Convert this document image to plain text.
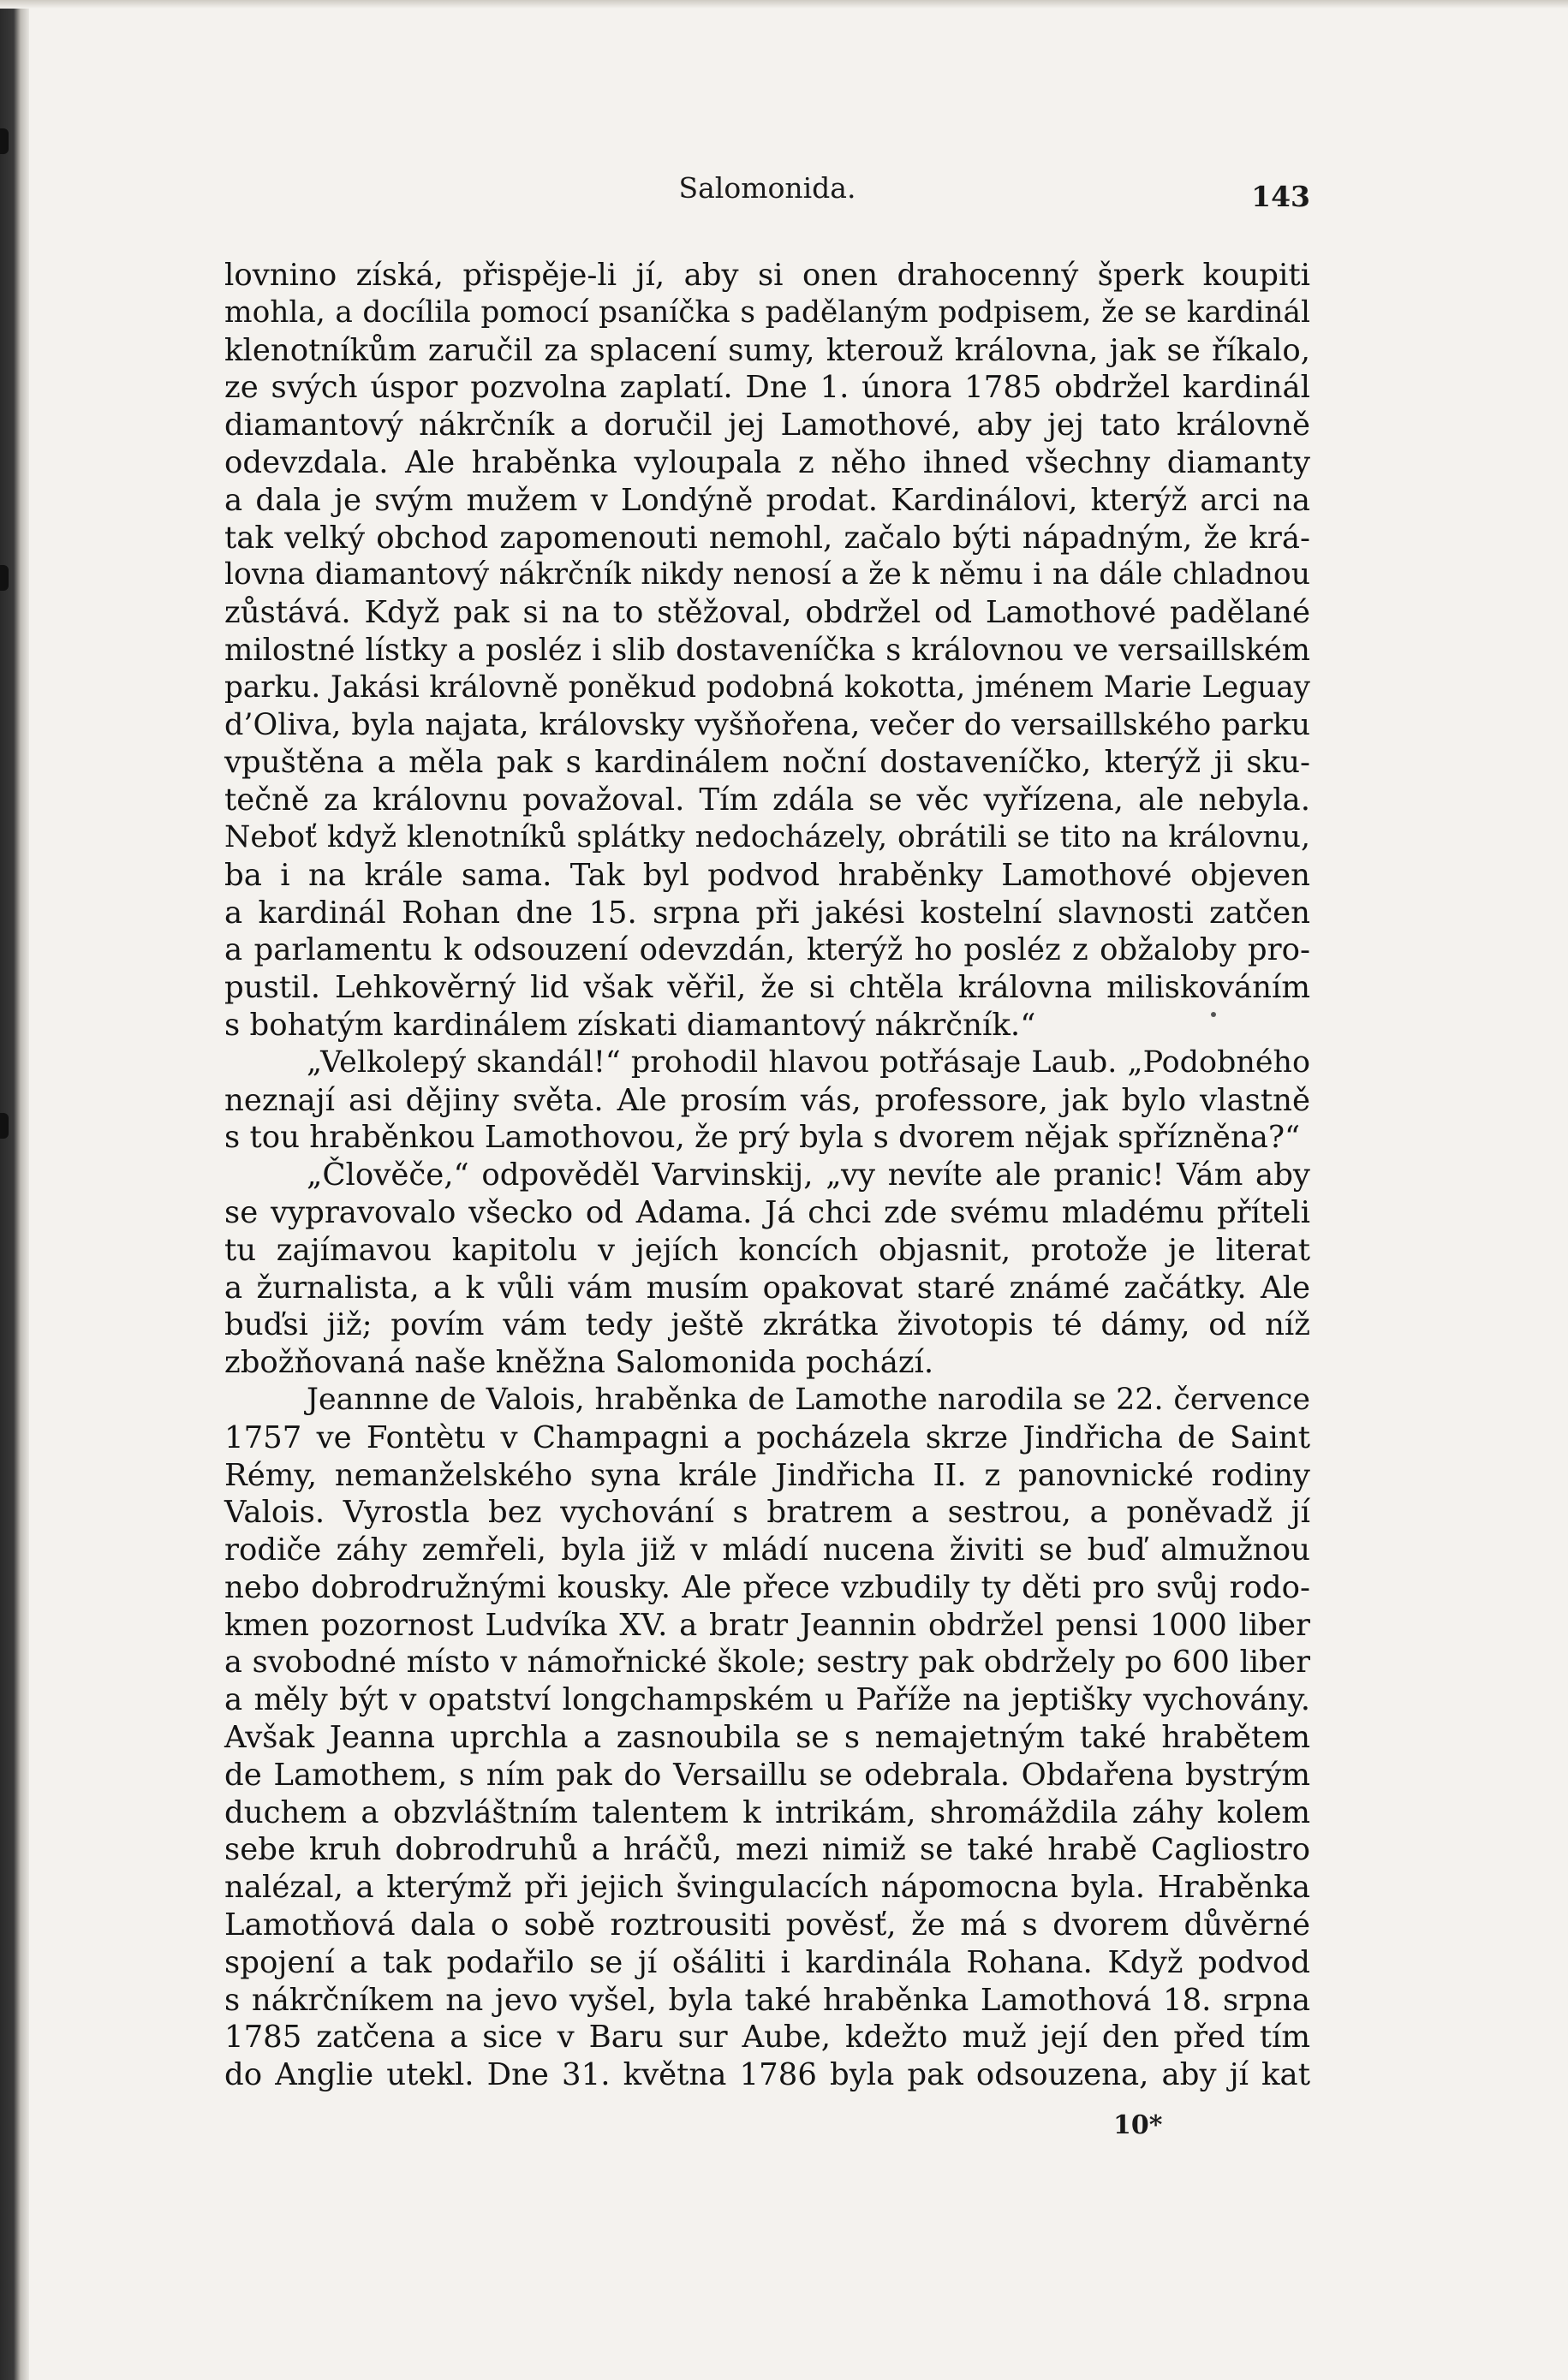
Salomonida.	143
lovnino získá, přispěje-li jí, aby si onen drahocenný šperk koupiti
mohla, a docílila pomocí psaníčka s padělaným podpisem, že se kardinál
klenotníkům zaručil za splacení sumy, kterouž královna, jak se říkalo,
ze svých úspor pozvolna zaplatí. Dne 1. února 1785 obdržel kardinál
diamantový nákrčník a doručil jej Lamothové, aby jej tato královně
odevzdala. Ale hraběnka vyloupala z něho ihned všechny diamanty
a dala je svým mužem v Londýně prodat. Kardinálovi, kterýž arci na
tak velký obchod zapomenouti nemohl, začalo býti nápadným, že krá-
lovna diamantový nákrčník nikdy nenosí a že k němu i na dále chladnou
zůstává. Když pak si na to stěžoval, obdržel od Lamothové padělané
milostné lístky a posléz i slib dostaveníčka s královnou ve versaillském
parku. Jakási královně poněkud podobná kokotta, jménem Marie Leguay
d’Oliva, byla najata, královsky vyšňořena, večer do versaillského parku
vpuštěna a měla pak s kardinálem noční dostaveníčko, kterýž ji sku-
tečně za královnu považoval. Tím zdála se věc vyřízena, ale nebyla.
Neboť když klenotníků splátky nedocházely, obrátili se tito na královnu,
ba i na krále sama. Tak byl podvod hraběnky Lamothové objeven
a kardinál Rohan dne 15. srpna při jakési kostelní slavnosti zatčen
a parlamentu k odsouzení odevzdán, kterýž ho posléz z obžaloby pro-
pustil. Lehkověrný lid však věřil, že si chtěla královna miliskováním
s bohatým kardinálem získati diamantový nákrčník.“
„Velkolepý skandál!“ prohodil hlavou potřásaje Laub. „Podobného
neznají asi dějiny světa. Ale prosím vás, professore, jak bylo vlastně
s tou hraběnkou Lamothovou, že prý byla s dvorem nějak spřízněna?“
„Člověče,“ odpověděl Varvinskij, „vy nevíte ale pranic! Vám aby
se vypravovalo všecko od Adama. Já chci zde svému mladému příteli
tu zajímavou kapitolu v jejích koncích objasnit, protože je literat
a žurnalista, a k vůli vám musím opakovat staré známé začátky. Ale
buďsi již; povím vám tedy ještě zkrátka životopis té dámy, od níž
zbožňovaná naše kněžna Salomonida pochází.
Jeannne de Valois, hraběnka de Lamothe narodila se 22. července
1757 ve Fontètu v Champagni a pocházela skrze Jindřicha de Saint
Rémy, nemanželského syna krále Jindřicha II. z panovnické rodiny
Valois. Vyrostla bez vychování s bratrem a sestrou, a poněvadž jí
rodiče záhy zemřeli, byla již v mládí nucena živiti se buď almužnou
nebo dobrodružnými kousky. Ale přece vzbudily ty děti pro svůj rodo-
kmen pozornost Ludvíka XV. a bratr Jeannin obdržel pensi 1000 liber
a svobodné místo v námořnické škole; sestry pak obdržely po 600 liber
a měly být v opatství longchampském u Paříže na jeptišky vychovány.
Avšak Jeanna uprchla a zasnoubila se s nemajetným také hrabětem
de Lamothem, s ním pak do Versaillu se odebrala. Obdařena bystrým
duchem a obzvláštním talentem k intrikám, shromáždila záhy kolem
sebe kruh dobrodruhů a hráčů, mezi nimiž se také hrabě Cagliostro
nalézal, a kterýmž při jejich švingulacích nápomocna byla. Hraběnka
Lamotňová dala o sobě roztrousiti pověsť, že má s dvorem důvěrné
spojení a tak podařilo se jí ošáliti i kardinála Rohana. Když podvod
s nákrčníkem na jevo vyšel, byla také hraběnka Lamothová 18. srpna
1785 zatčena a sice v Baru sur Aube, kdežto muž její den před tím
do Anglie utekl. Dne 31. května 1786 byla pak odsouzena, aby jí kat
10*
